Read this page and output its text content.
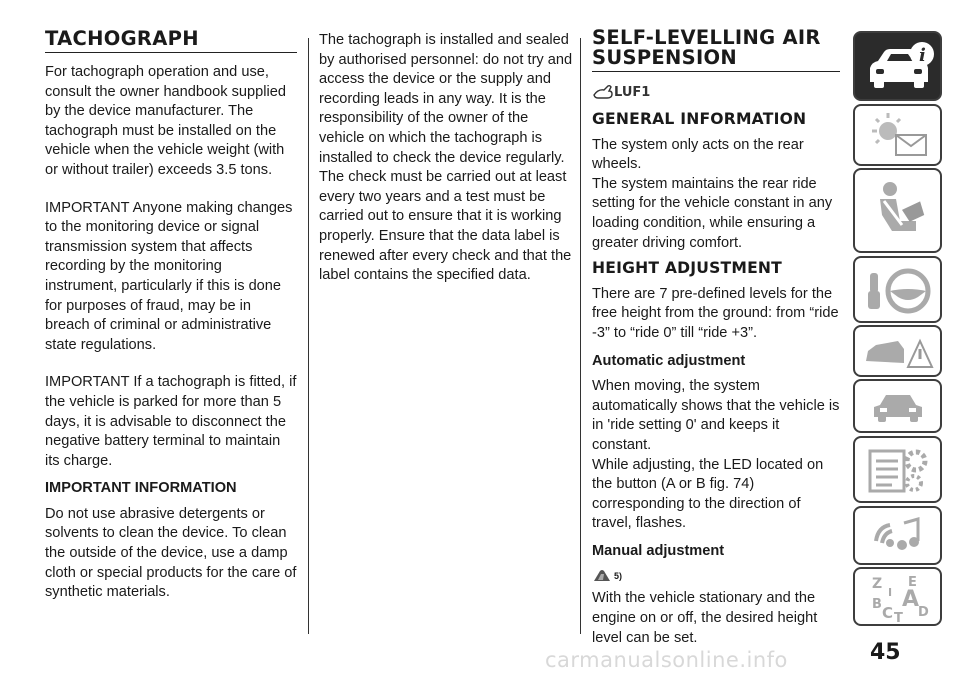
TACHOGRAPH

For tachograph operation and use, consult the owner handbook supplied by the device manufacturer. The tachograph must be installed on the vehicle when the vehicle weight (with or without trailer) exceeds 3.5 tons.

IMPORTANT Anyone making changes to the monitoring device or signal transmission system that affects recording by the monitoring instrument, particularly if this is done for purposes of fraud, may be in breach of criminal or administrative state regulations.

IMPORTANT If a tachograph is fitted, if the vehicle is parked for more than 5 days, it is advisable to disconnect the negative battery terminal to maintain its charge.

IMPORTANT INFORMATION

Do not use abrasive detergents or solvents to clean the device. To clean the outside of the device, use a damp cloth or special products for the care of synthetic materials.

The tachograph is installed and sealed by authorised personnel: do not try and access the device or the supply and recording leads in any way. It is the responsibility of the owner of the vehicle on which the tachograph is installed to check the device regularly.

The check must be carried out at least every two years and a test must be carried out to ensure that it is working properly. Ensure that the data label is renewed after every check and that the label contains the specified data.

SELF-LEVELLING AIR SUSPENSION
LUF1
GENERAL INFORMATION

The system only acts on the rear wheels.

The system maintains the rear ride setting for the vehicle constant in any loading condition, while ensuring a greater driving comfort.

HEIGHT ADJUSTMENT

There are 7 pre-defined levels for the free height from the ground: from “ride -3” to “ride 0” till “ride +3”.

Automatic adjustment

When moving, the system automatically shows that the vehicle is in 'ride setting 0' and keeps it constant.

While adjusting, the LED located on the button (A or B fig. 74) corresponding to the direction of travel, flashes.

Manual adjustment
$^{5)}$

With the vehicle stationary and the engine on or off, the desired height level can be set.

i
Z E
B A
C D
T
I
45
carmanualsonline.info
